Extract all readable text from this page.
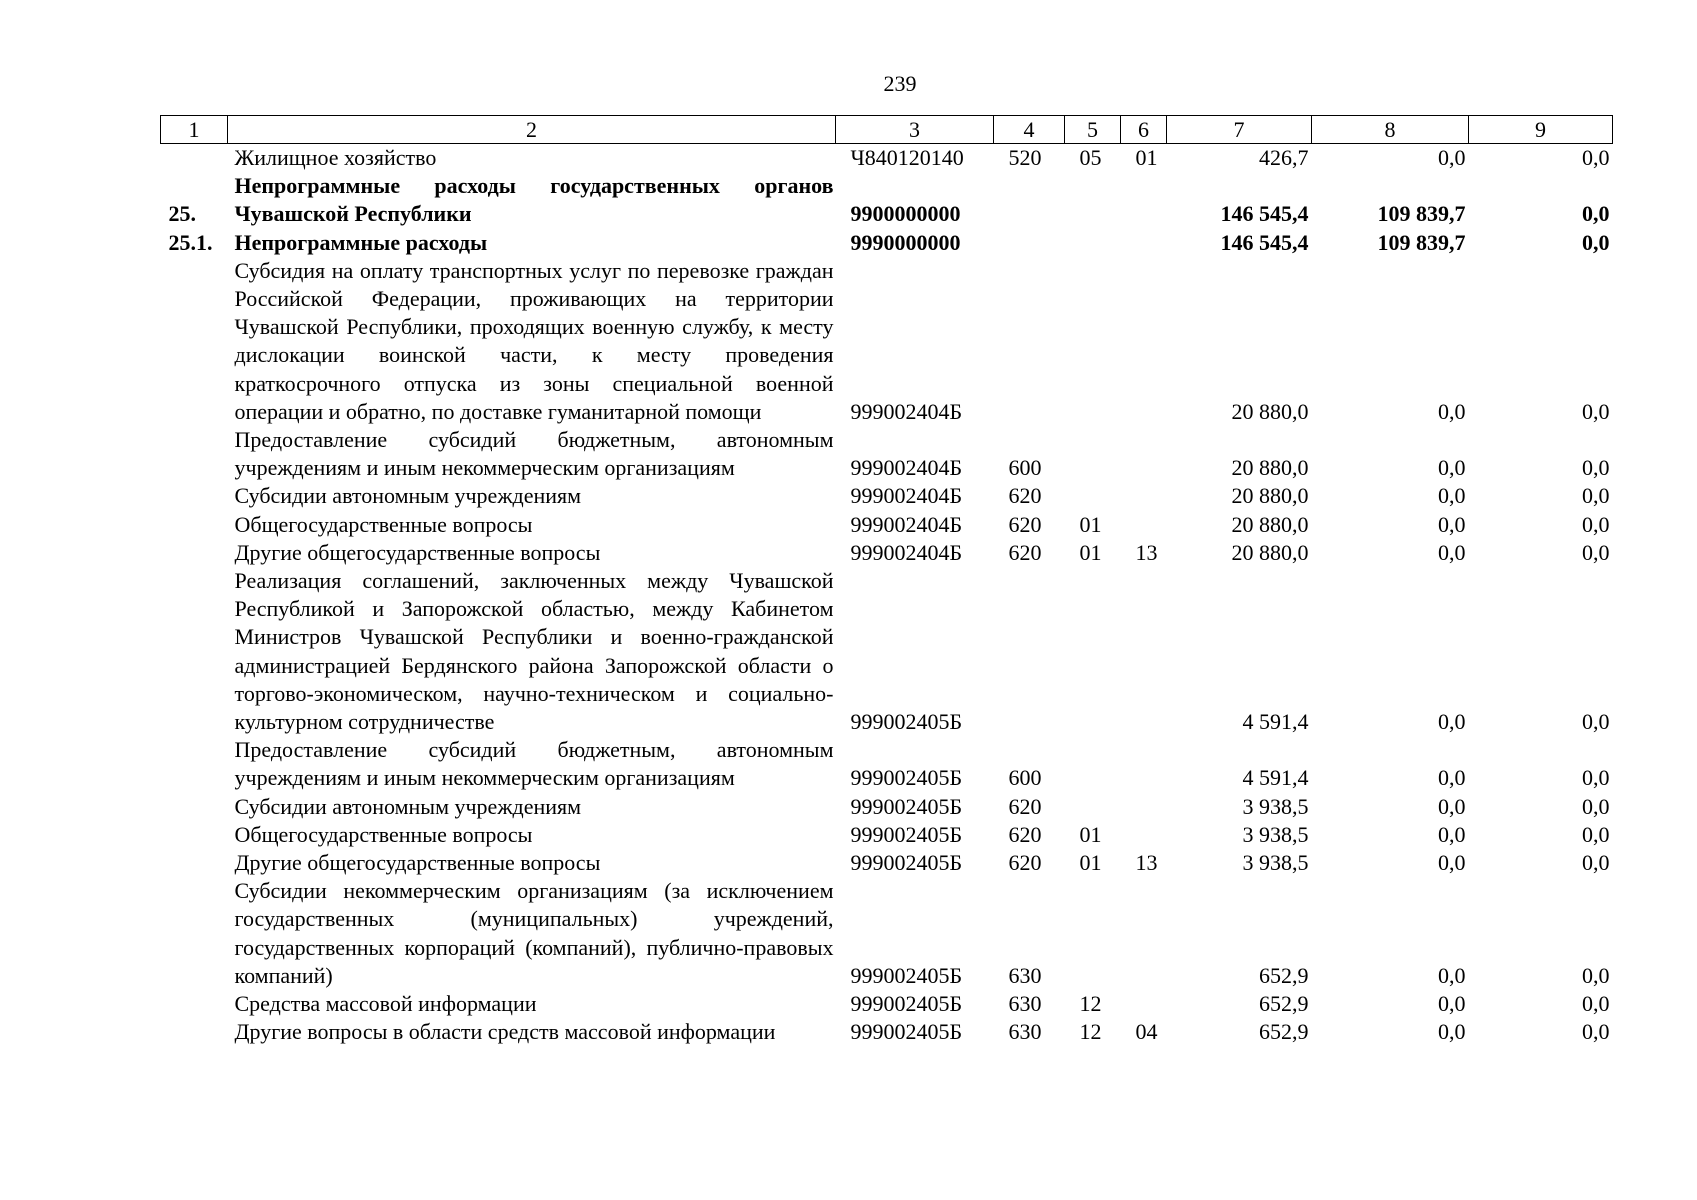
239
1	2	3	4	5	6	7	8	9
	Жилищное хозяйство	Ч840120140	520	05	01	426,7	0,0	0,0
25.	Непрограммные расходы государственных органов Чувашской Республики	9900000000				146 545,4	109 839,7	0,0
25.1.	Непрограммные расходы	9990000000				146 545,4	109 839,7	0,0
	Субсидия на оплату транспортных услуг по перевозке граждан Российской Федерации, проживающих на территории Чувашской Республики, проходящих военную службу, к месту дислокации воинской части, к месту проведения краткосрочного отпуска из зоны специальной военной операции и обратно, по доставке гуманитарной помощи	999002404Б				20 880,0	0,0	0,0
	Предоставление субсидий бюджетным, автономным учреждениям и иным некоммерческим организациям	999002404Б	600			20 880,0	0,0	0,0
	Субсидии автономным учреждениям	999002404Б	620			20 880,0	0,0	0,0
	Общегосударственные вопросы	999002404Б	620	01		20 880,0	0,0	0,0
	Другие общегосударственные вопросы	999002404Б	620	01	13	20 880,0	0,0	0,0
	Реализация соглашений, заключенных между Чувашской Республикой и Запорожской областью, между Кабинетом Министров Чувашской Республики и военно-гражданской администрацией Бердянского района Запорожской области о торгово-экономическом, научно-техническом и социально-культурном сотрудничестве	999002405Б				4 591,4	0,0	0,0
	Предоставление субсидий бюджетным, автономным учреждениям и иным некоммерческим организациям	999002405Б	600			4 591,4	0,0	0,0
	Субсидии автономным учреждениям	999002405Б	620			3 938,5	0,0	0,0
	Общегосударственные вопросы	999002405Б	620	01		3 938,5	0,0	0,0
	Другие общегосударственные вопросы	999002405Б	620	01	13	3 938,5	0,0	0,0
	Субсидии некоммерческим организациям (за исключением государственных (муниципальных) учреждений, государственных корпораций (компаний), публично-правовых компаний)	999002405Б	630			652,9	0,0	0,0
	Средства массовой информации	999002405Б	630	12		652,9	0,0	0,0
	Другие вопросы в области средств массовой информации	999002405Б	630	12	04	652,9	0,0	0,0
